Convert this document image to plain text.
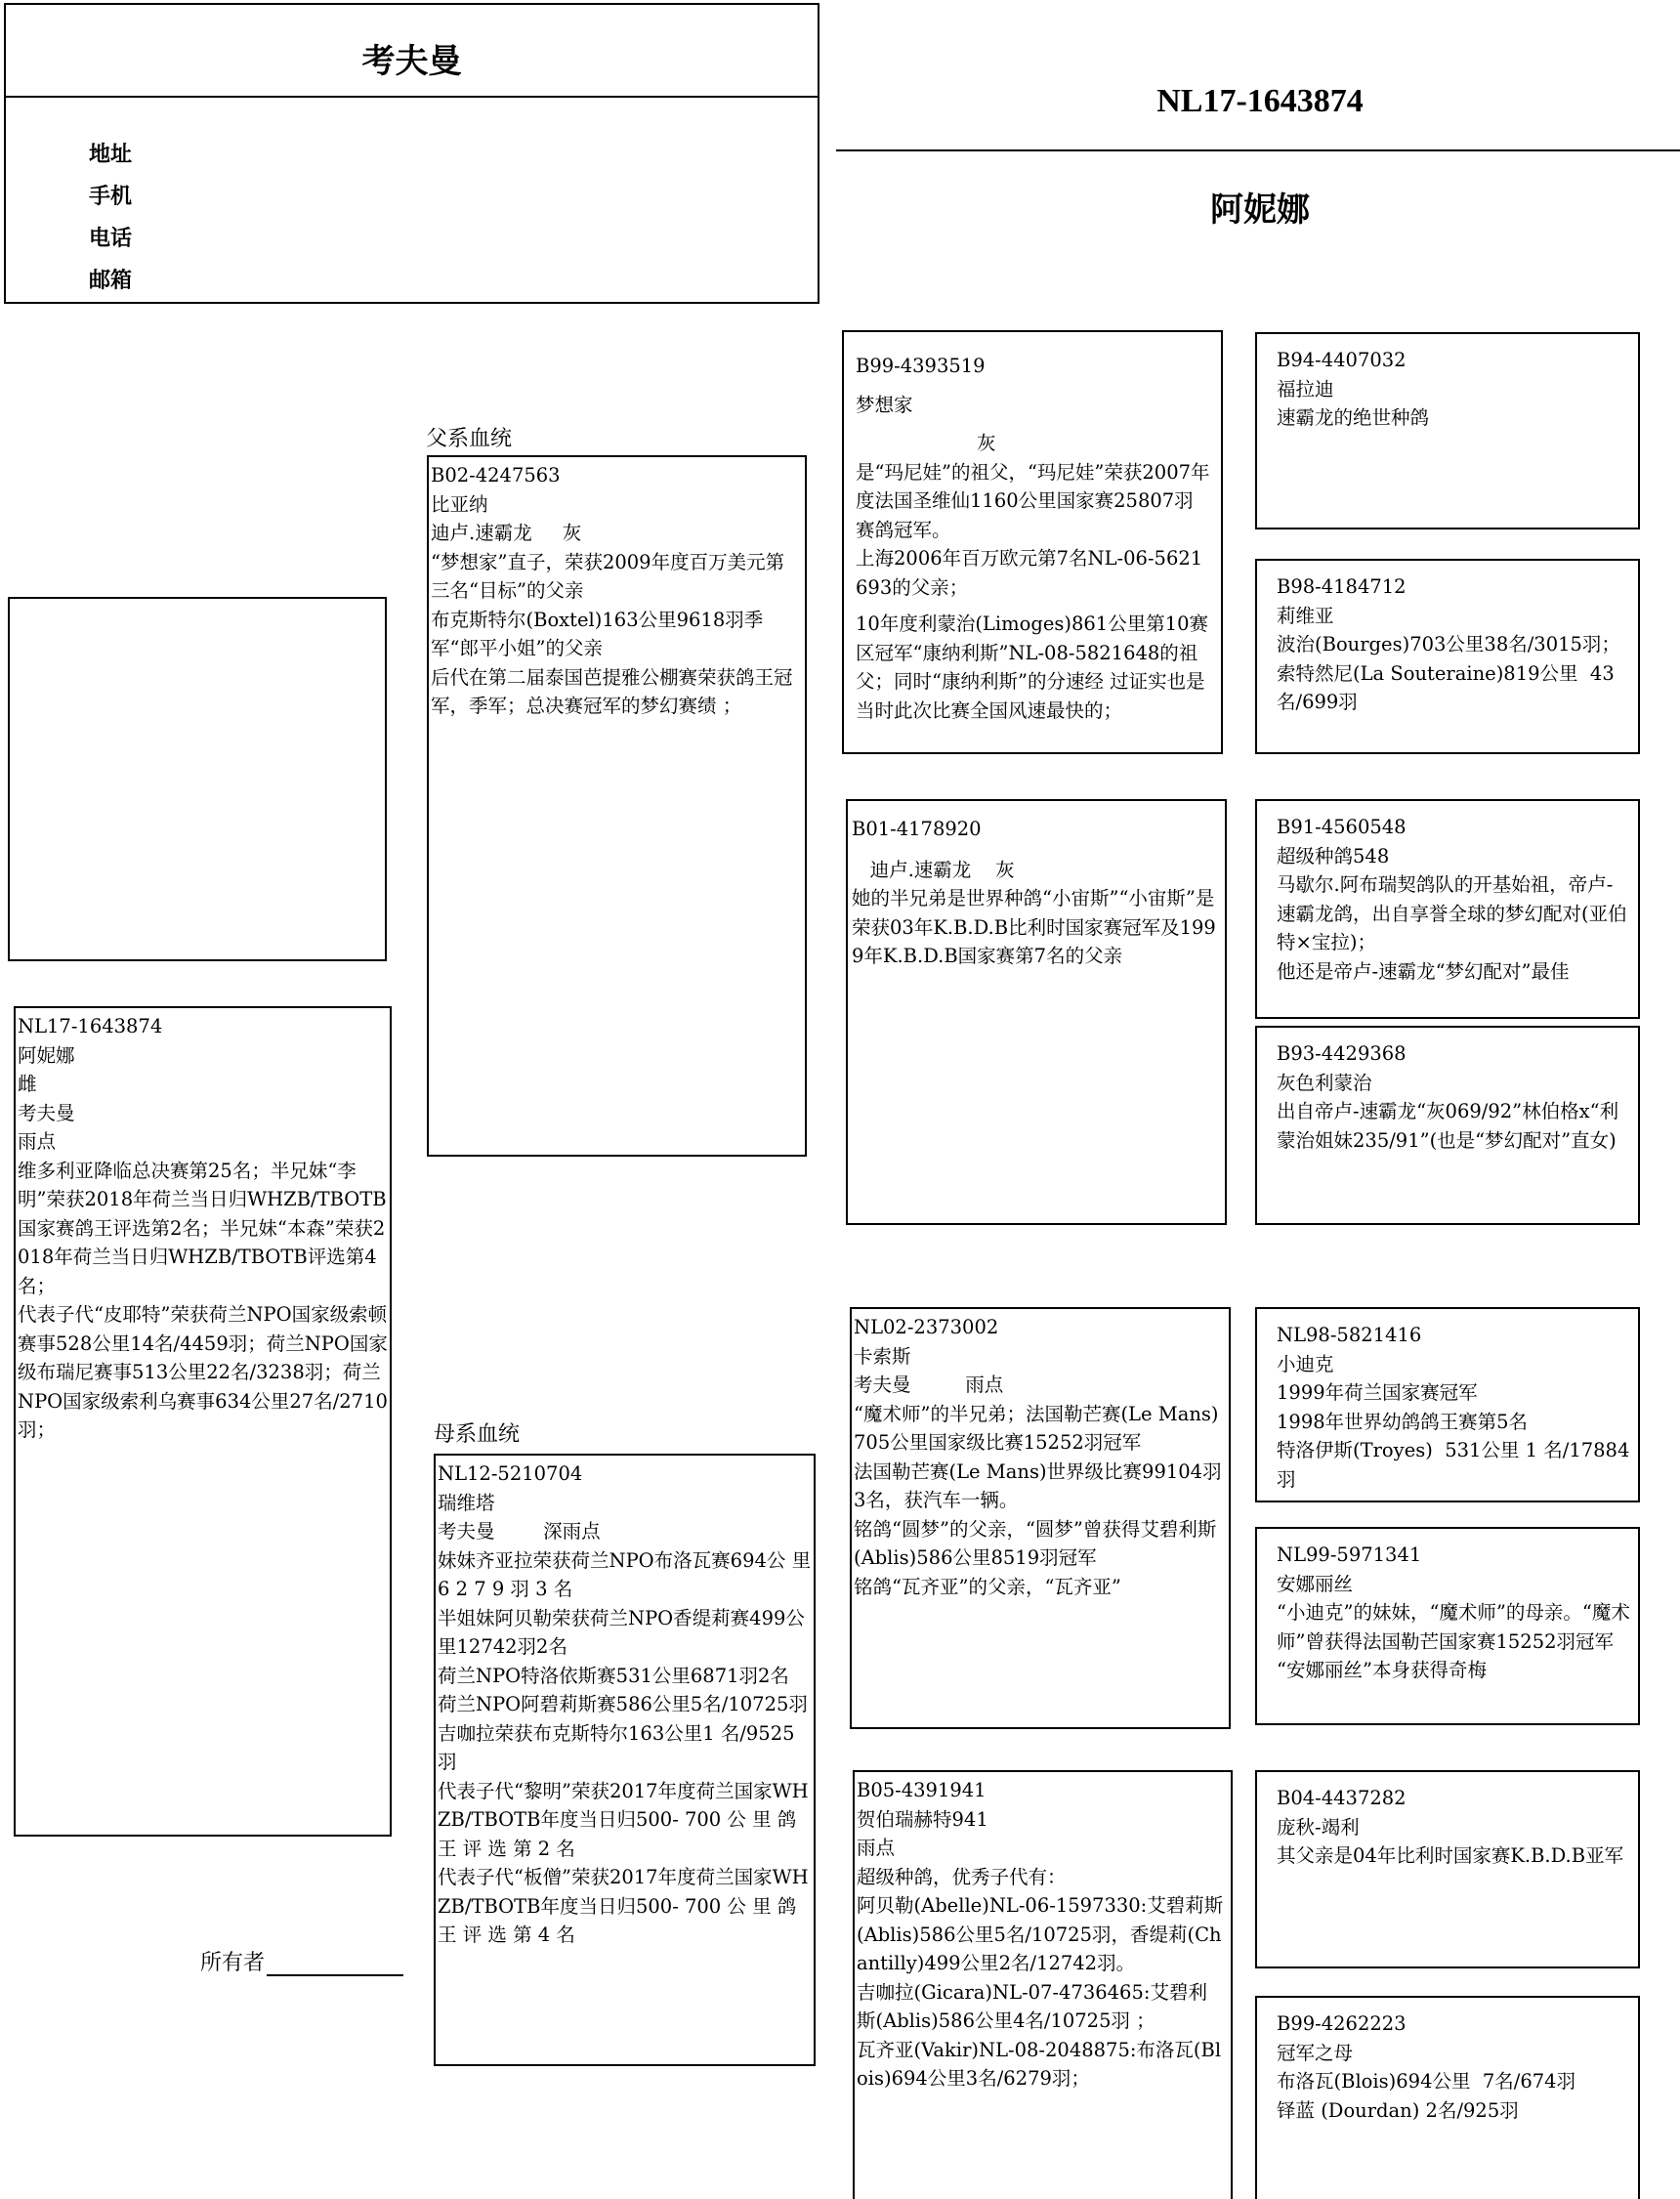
考夫曼
地址
手机
电话
邮箱
NL17-1643874
阿妮娜
父系血统
母系血统
NL17-1643874
阿妮娜
雌
考夫曼
雨点
维多利亚降临总决赛第25名；半兄妹“李明”荣获2018年荷兰当日归WHZB/TBOTB国家赛鸽王评选第2名；半兄妹“本森”荣获2018年荷兰当日归WHZB/TBOTB评选第4名；
代表子代“皮耶特”荣获荷兰NPO国家级索顿赛事528公里14名/4459羽；荷兰NPO国家级布瑞尼赛事513公里22名/3238羽；荷兰NPO国家级索利乌赛事634公里27名/2710羽；
B02-4247563
比亚纳
迪卢.速霸龙     灰
“梦想家”直子，荣获2009年度百万美元第三名“目标”的父亲
布克斯特尔(Boxtel)163公里9618羽季军“郎平小姐”的父亲
后代在第二届泰国芭提雅公棚赛荣获鸽王冠军，季军；总决赛冠军的梦幻赛绩 ；
NL12-5210704
瑞维塔
考夫曼        深雨点
妹妹齐亚拉荣获荷兰NPO布洛瓦赛694公 里 6 2 7 9 羽 3 名
半姐妹阿贝勒荣获荷兰NPO香缇莉赛499公里12742羽2名
荷兰NPO特洛依斯赛531公里6871羽2名
荷兰NPO阿碧莉斯赛586公里5名/10725羽
吉咖拉荣获布克斯特尔163公里1 名/9525羽
代表子代“黎明”荣获2017年度荷兰国家WHZB/TBOTB年度当日归500- 700 公 里 鸽 王 评 选 第 2 名
代表子代“板僧”荣获2017年度荷兰国家WHZB/TBOTB年度当日归500- 700 公 里 鸽 王 评 选 第 4 名
B99-4393519
梦想家
灰
是“玛尼娃”的祖父，“玛尼娃”荣获2007年度法国圣维仙1160公里国家赛25807羽赛鸽冠军。
上海2006年百万欧元第7名NL-06-5621693的父亲；
10年度利蒙治(Limoges)861公里第10赛区冠军“康纳利斯”NL-08-5821648的祖父；同时“康纳利斯”的分速经 过证实也是当时此次比赛全国风速最快的；
B01-4178920
迪卢.速霸龙    灰
她的半兄弟是世界种鸽“小宙斯”“小宙斯”是荣获03年K.B.D.B比利时国家赛冠军及1999年K.B.D.B国家赛第7名的父亲
NL02-2373002
卡索斯
考夫曼         雨点
“魔术师”的半兄弟；法国勒芒赛(Le Mans)705公里国家级比赛15252羽冠军
法国勒芒赛(Le Mans)世界级比赛99104羽3名，获汽车一辆。
铭鸽“圆梦”的父亲，“圆梦”曾获得艾碧利斯(Ablis)586公里8519羽冠军
铭鸽“瓦齐亚”的父亲，“瓦齐亚”
B05-4391941
贺伯瑞赫特941
雨点
超级种鸽，优秀子代有：
阿贝勒(Abelle)NL-06-1597330:艾碧莉斯(Ablis)586公里5名/10725羽，香缇莉(Chantilly)499公里2名/12742羽。
吉咖拉(Gicara)NL-07-4736465:艾碧利斯(Ablis)586公里4名/10725羽 ；
瓦齐亚(Vakir)NL-08-2048875:布洛瓦(Blois)694公里3名/6279羽；
B94-4407032
福拉迪
速霸龙的绝世种鸽
B98-4184712
莉维亚
波治(Bourges)703公里38名/3015羽；
索特然尼(La Souteraine)819公里  43名/699羽
B91-4560548
超级种鸽548
马歇尔.阿布瑞契鸽队的开基始祖，帝卢-速霸龙鸽，出自享誉全球的梦幻配对(亚伯特×宝拉)；
他还是帝卢-速霸龙“梦幻配对”最佳
B93-4429368
灰色利蒙治
出自帝卢-速霸龙“灰069/92”林伯格x“利蒙治姐妹235/91”(也是“梦幻配对”直女)
NL98-5821416
小迪克
1999年荷兰国家赛冠军
1998年世界幼鸽鸽王赛第5名
特洛伊斯(Troyes)  531公里 1 名/17884羽
NL99-5971341
安娜丽丝
“小迪克”的妹妹，“魔术师”的母亲。“魔术师”曾获得法国勒芒国家赛15252羽冠军
“安娜丽丝”本身获得奇梅
B04-4437282
庞秋-竭利
其父亲是04年比利时国家赛K.B.D.B亚军
B99-4262223
冠军之母
布洛瓦(Blois)694公里  7名/674羽
铎蓝 (Dourdan) 2名/925羽
所有者
